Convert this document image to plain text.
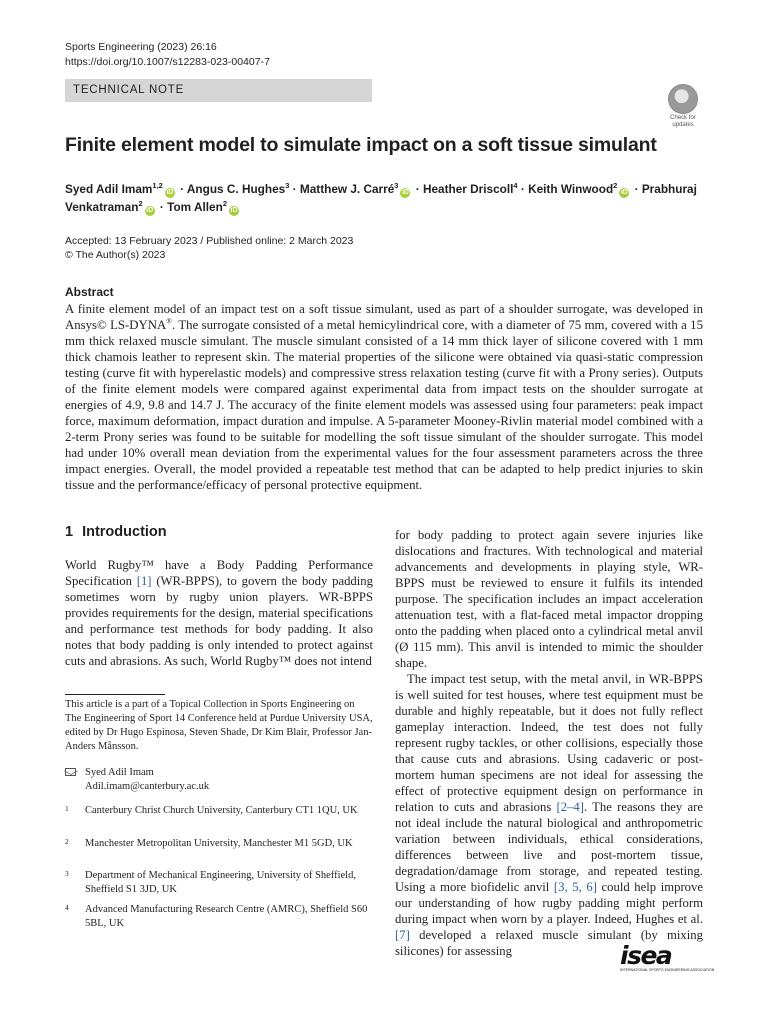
Sports Engineering (2023) 26:16
https://doi.org/10.1007/s12283-023-00407-7
TECHNICAL NOTE
Check for
updates
Finite element model to simulate impact on a soft tissue simulant
Syed Adil Imam$^{1,2}$iD · Angus C. Hughes$^3$ · Matthew J. Carré$^3$iD · Heather Driscoll$^4$ · Keith Winwood$^2$iD · Prabhuraj Venkatraman$^2$iD · Tom Allen$^2$iD
Accepted: 13 February 2023 / Published online: 2 March 2023
© The Author(s) 2023
Abstract
A finite element model of an impact test on a soft tissue simulant, used as part of a shoulder surrogate, was developed in Ansys© LS-DYNA®. The surrogate consisted of a metal hemicylindrical core, with a diameter of 75 mm, covered with a 15 mm thick relaxed muscle simulant. The muscle simulant consisted of a 14 mm thick layer of silicone covered with 1 mm thick chamois leather to represent skin. The material properties of the silicone were obtained via quasi-static compression testing (curve fit with hyperelastic models) and compressive stress relaxation testing (curve fit with a Prony series). Outputs of the finite element models were compared against experimental data from impact tests on the shoulder surrogate at energies of 4.9, 9.8 and 14.7 J. The accuracy of the finite element models was assessed using four parameters: peak impact force, maximum deformation, impact duration and impulse. A 5-parameter Mooney-Rivlin material model combined with a 2-term Prony series was found to be suitable for modelling the soft tissue simulant of the shoulder surrogate. This model had under 10% overall mean deviation from the experimental values for the four assessment parameters across the three impact energies. Overall, the model provided a repeatable test method that can be adapted to help predict injuries to skin tissue and the performance/efficacy of personal protective equipment.
1 Introduction
World Rugby™ have a Body Padding Performance Specification [1] (WR-BPPS), to govern the body padding sometimes worn by rugby union players. WR-BPPS provides requirements for the design, material specifications and performance test methods for body padding. It also notes that body padding is only intended to protect against cuts and abrasions. As such, World Rugby™ does not intend

for body padding to protect again severe injuries like dislocations and fractures. With technological and material advancements and developments in playing style, WR-BPPS must be reviewed to ensure it fulfils its intended purpose. The specification includes an impact acceleration attenuation test, with a flat-faced metal impactor dropping onto the padding when placed onto a cylindrical metal anvil (Ø 115 mm). This anvil is intended to mimic the shoulder shape.

The impact test setup, with the metal anvil, in WR-BPPS is well suited for test houses, where test equipment must be durable and highly repeatable, but it does not fully reflect gameplay interaction. Indeed, the test does not fully represent rugby tackles, or other collisions, especially those that cause cuts and abrasions. Using cadaveric or post-mortem human specimens are not ideal for assessing the effect of protective equipment design on performance in relation to cuts and abrasions [2–4]. The reasons they are not ideal include the natural biological and anthropometric variation between individuals, ethical considerations, differences between live and post-mortem tissue, degradation/damage from storage, and repeated testing. Using a more biofidelic anvil [3, 5, 6] could help improve our understanding of how rugby padding might perform during impact when worn by a player. Indeed, Hughes et al. [7] developed a relaxed muscle simulant (by mixing silicones) for assessing

This article is a part of a Topical Collection in Sports Engineering on The Engineering of Sport 14 Conference held at Purdue University USA, edited by Dr Hugo Espinosa, Steven Shade, Dr Kim Blair, Professor Jan-Anders Månsson.
Syed Adil Imam
Adil.imam@canterbury.ac.uk
1	Canterbury Christ Church University, Canterbury CT1 1QU, UK
2	Manchester Metropolitan University, Manchester M1 5GD, UK
3	Department of Mechanical Engineering, University of Sheffield, Sheffield S1 3JD, UK
4	Advanced Manufacturing Research Centre (AMRC), Sheffield S60 5BL, UK
isea
INTERNATIONAL SPORTS ENGINEERING ASSOCIATION
